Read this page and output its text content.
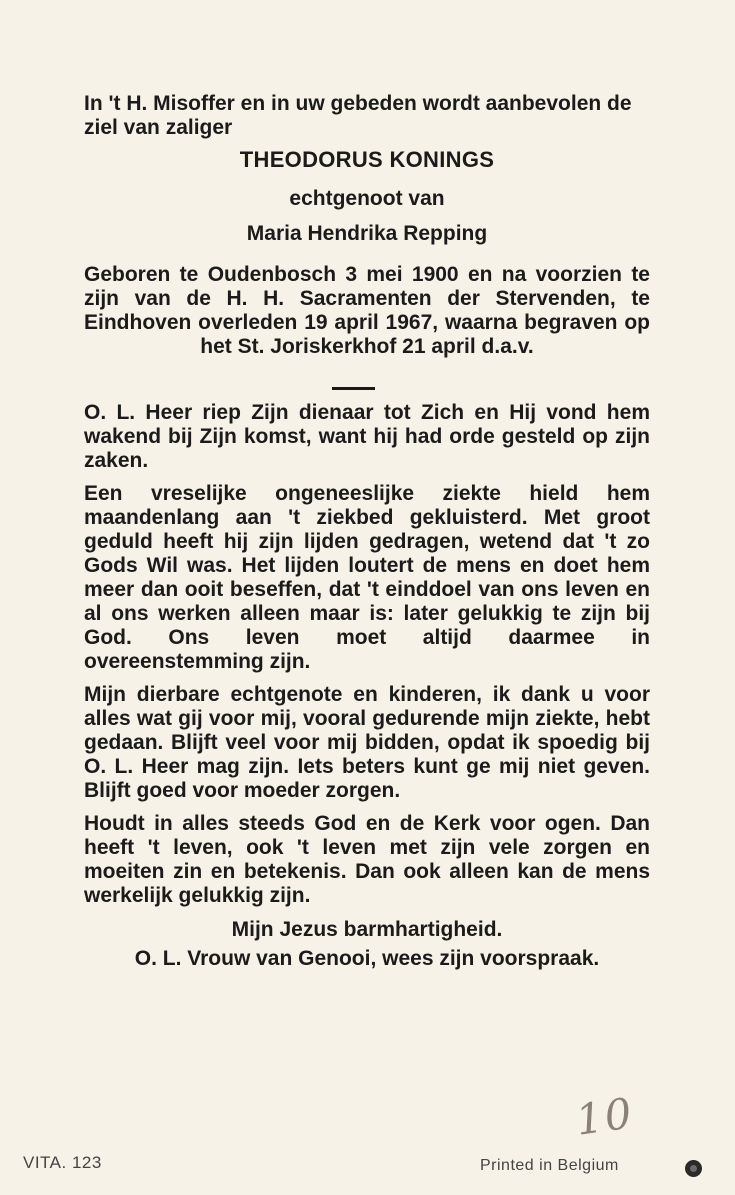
In 't H. Misoffer en in uw gebeden wordt aanbevolen de ziel van zaliger

THEODORUS KONINGS

echtgenoot van

Maria Hendrika Repping

Geboren te Oudenbosch 3 mei 1900 en na voorzien te zijn van de H. H. Sacramenten der Stervenden, te Eindhoven overleden 19 april 1967, waarna begraven op het St. Joriskerkhof 21 april d.a.v.

O. L. Heer riep Zijn dienaar tot Zich en Hij vond hem wakend bij Zijn komst, want hij had orde gesteld op zijn zaken.

Een vreselijke ongeneeslijke ziekte hield hem maandenlang aan 't ziekbed gekluisterd. Met groot geduld heeft hij zijn lijden gedragen, wetend dat 't zo Gods Wil was. Het lijden loutert de mens en doet hem meer dan ooit beseffen, dat 't einddoel van ons leven en al ons werken alleen maar is: later gelukkig te zijn bij God. Ons leven moet altijd daarmee in overeenstemming zijn.

Mijn dierbare echtgenote en kinderen, ik dank u voor alles wat gij voor mij, vooral gedurende mijn ziekte, hebt gedaan. Blijft veel voor mij bidden, opdat ik spoedig bij O. L. Heer mag zijn. Iets beters kunt ge mij niet geven. Blijft goed voor moeder zorgen.

Houdt in alles steeds God en de Kerk voor ogen. Dan heeft 't leven, ook 't leven met zijn vele zorgen en moeiten zin en betekenis. Dan ook alleen kan de mens werkelijk gelukkig zijn.

Mijn Jezus barmhartigheid.

O. L. Vrouw van Genooi, wees zijn voorspraak.

10
VITA. 123	Printed in Belgium
